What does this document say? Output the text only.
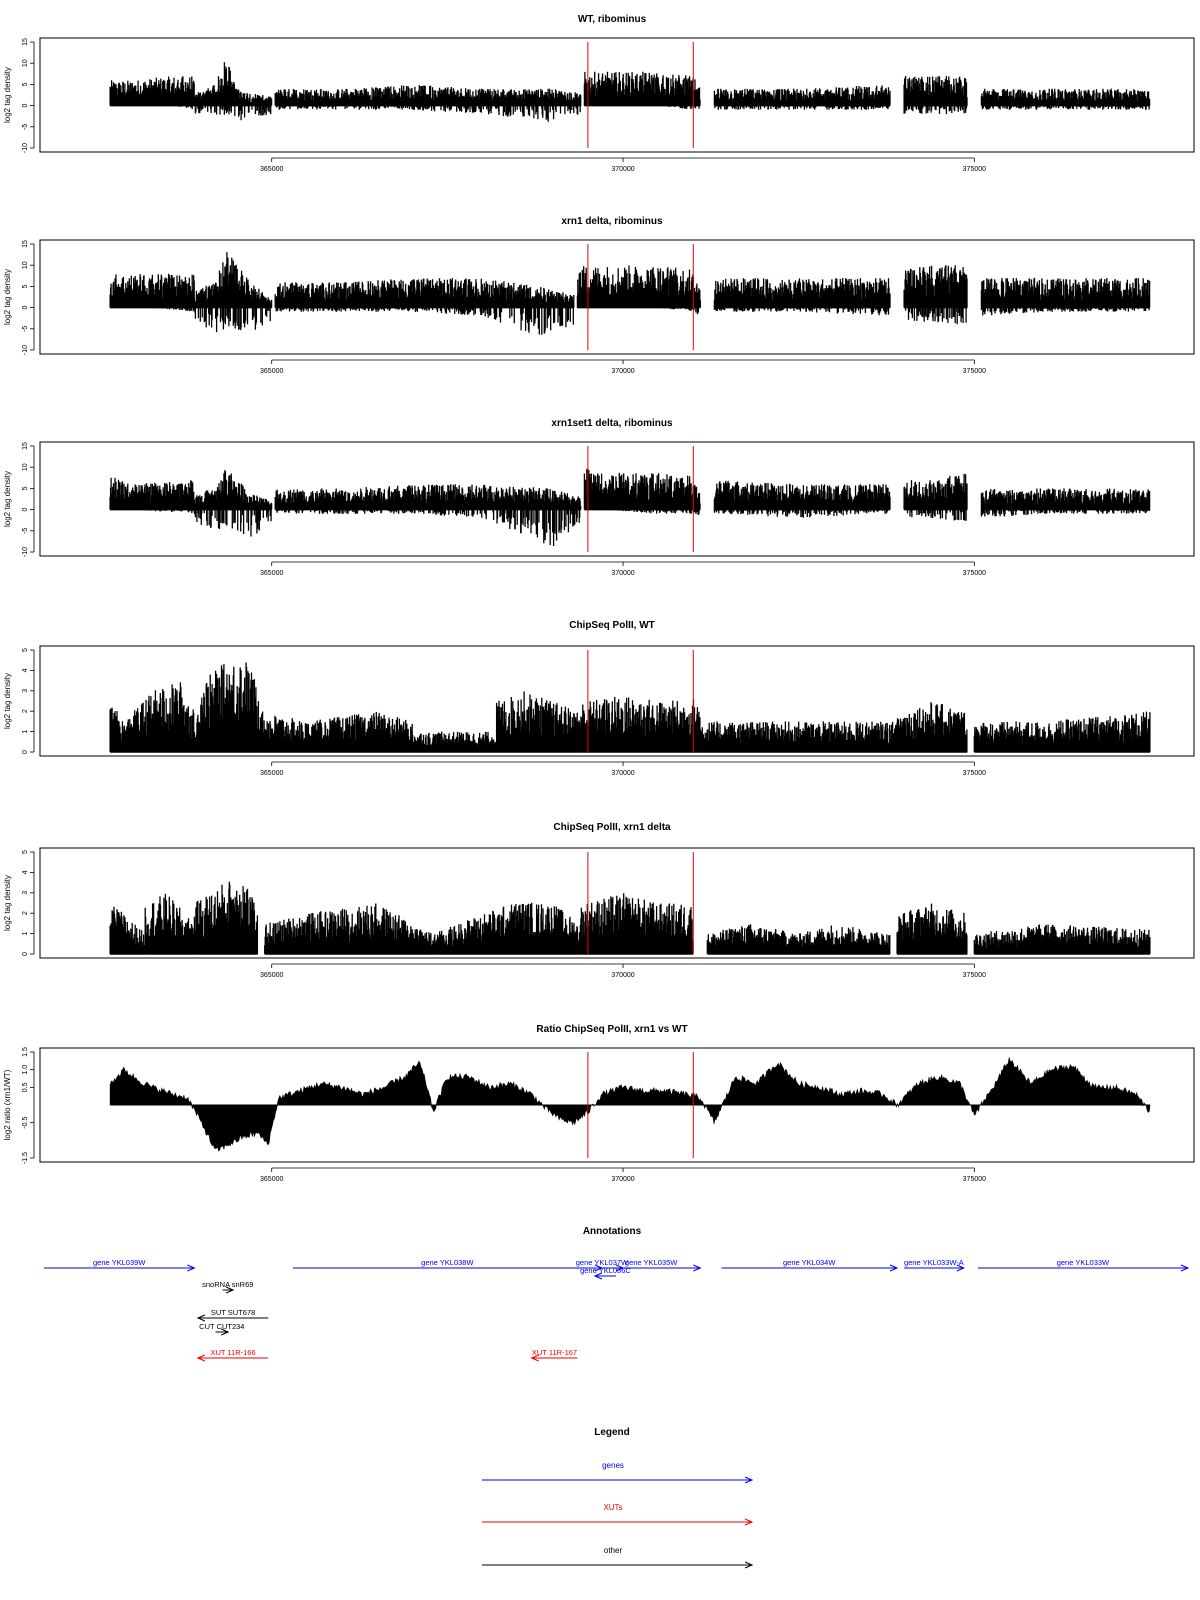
WT, ribominus
-10
-5
0
5
10
15
log2 tag density
365000	370000	375000
xrn1 delta, ribominus
-10
-5
0
5
10
15
log2 tag density
365000	370000	375000
xrn1set1 delta, ribominus
-10
-5
0
5
10
15
log2 tag density
365000	370000	375000
ChipSeq PolII, WT
0
1
2
3
4
5
log2 tag density
365000	370000	375000
ChipSeq PolII, xrn1 delta
0
1
2
3
4
5
log2 tag density
365000	370000	375000
Ratio ChipSeq PolII, xrn1 vs WT
-1.5
-0.5
0.5
1.0
1.5
log2 ratio (xrn1/WT)
365000	370000	375000
Annotations
gene YKL039W	gene YKL038W	gene YKL037W
gene YKL035W
gene YKL036C
gene YKL034W	gene YKL033W-A	gene YKL033W
snoRNA snR69
SUT SUT678
CUT CUT234
XUT 11R-166	XUT 11R-167
Legend
genes
XUTs
other
